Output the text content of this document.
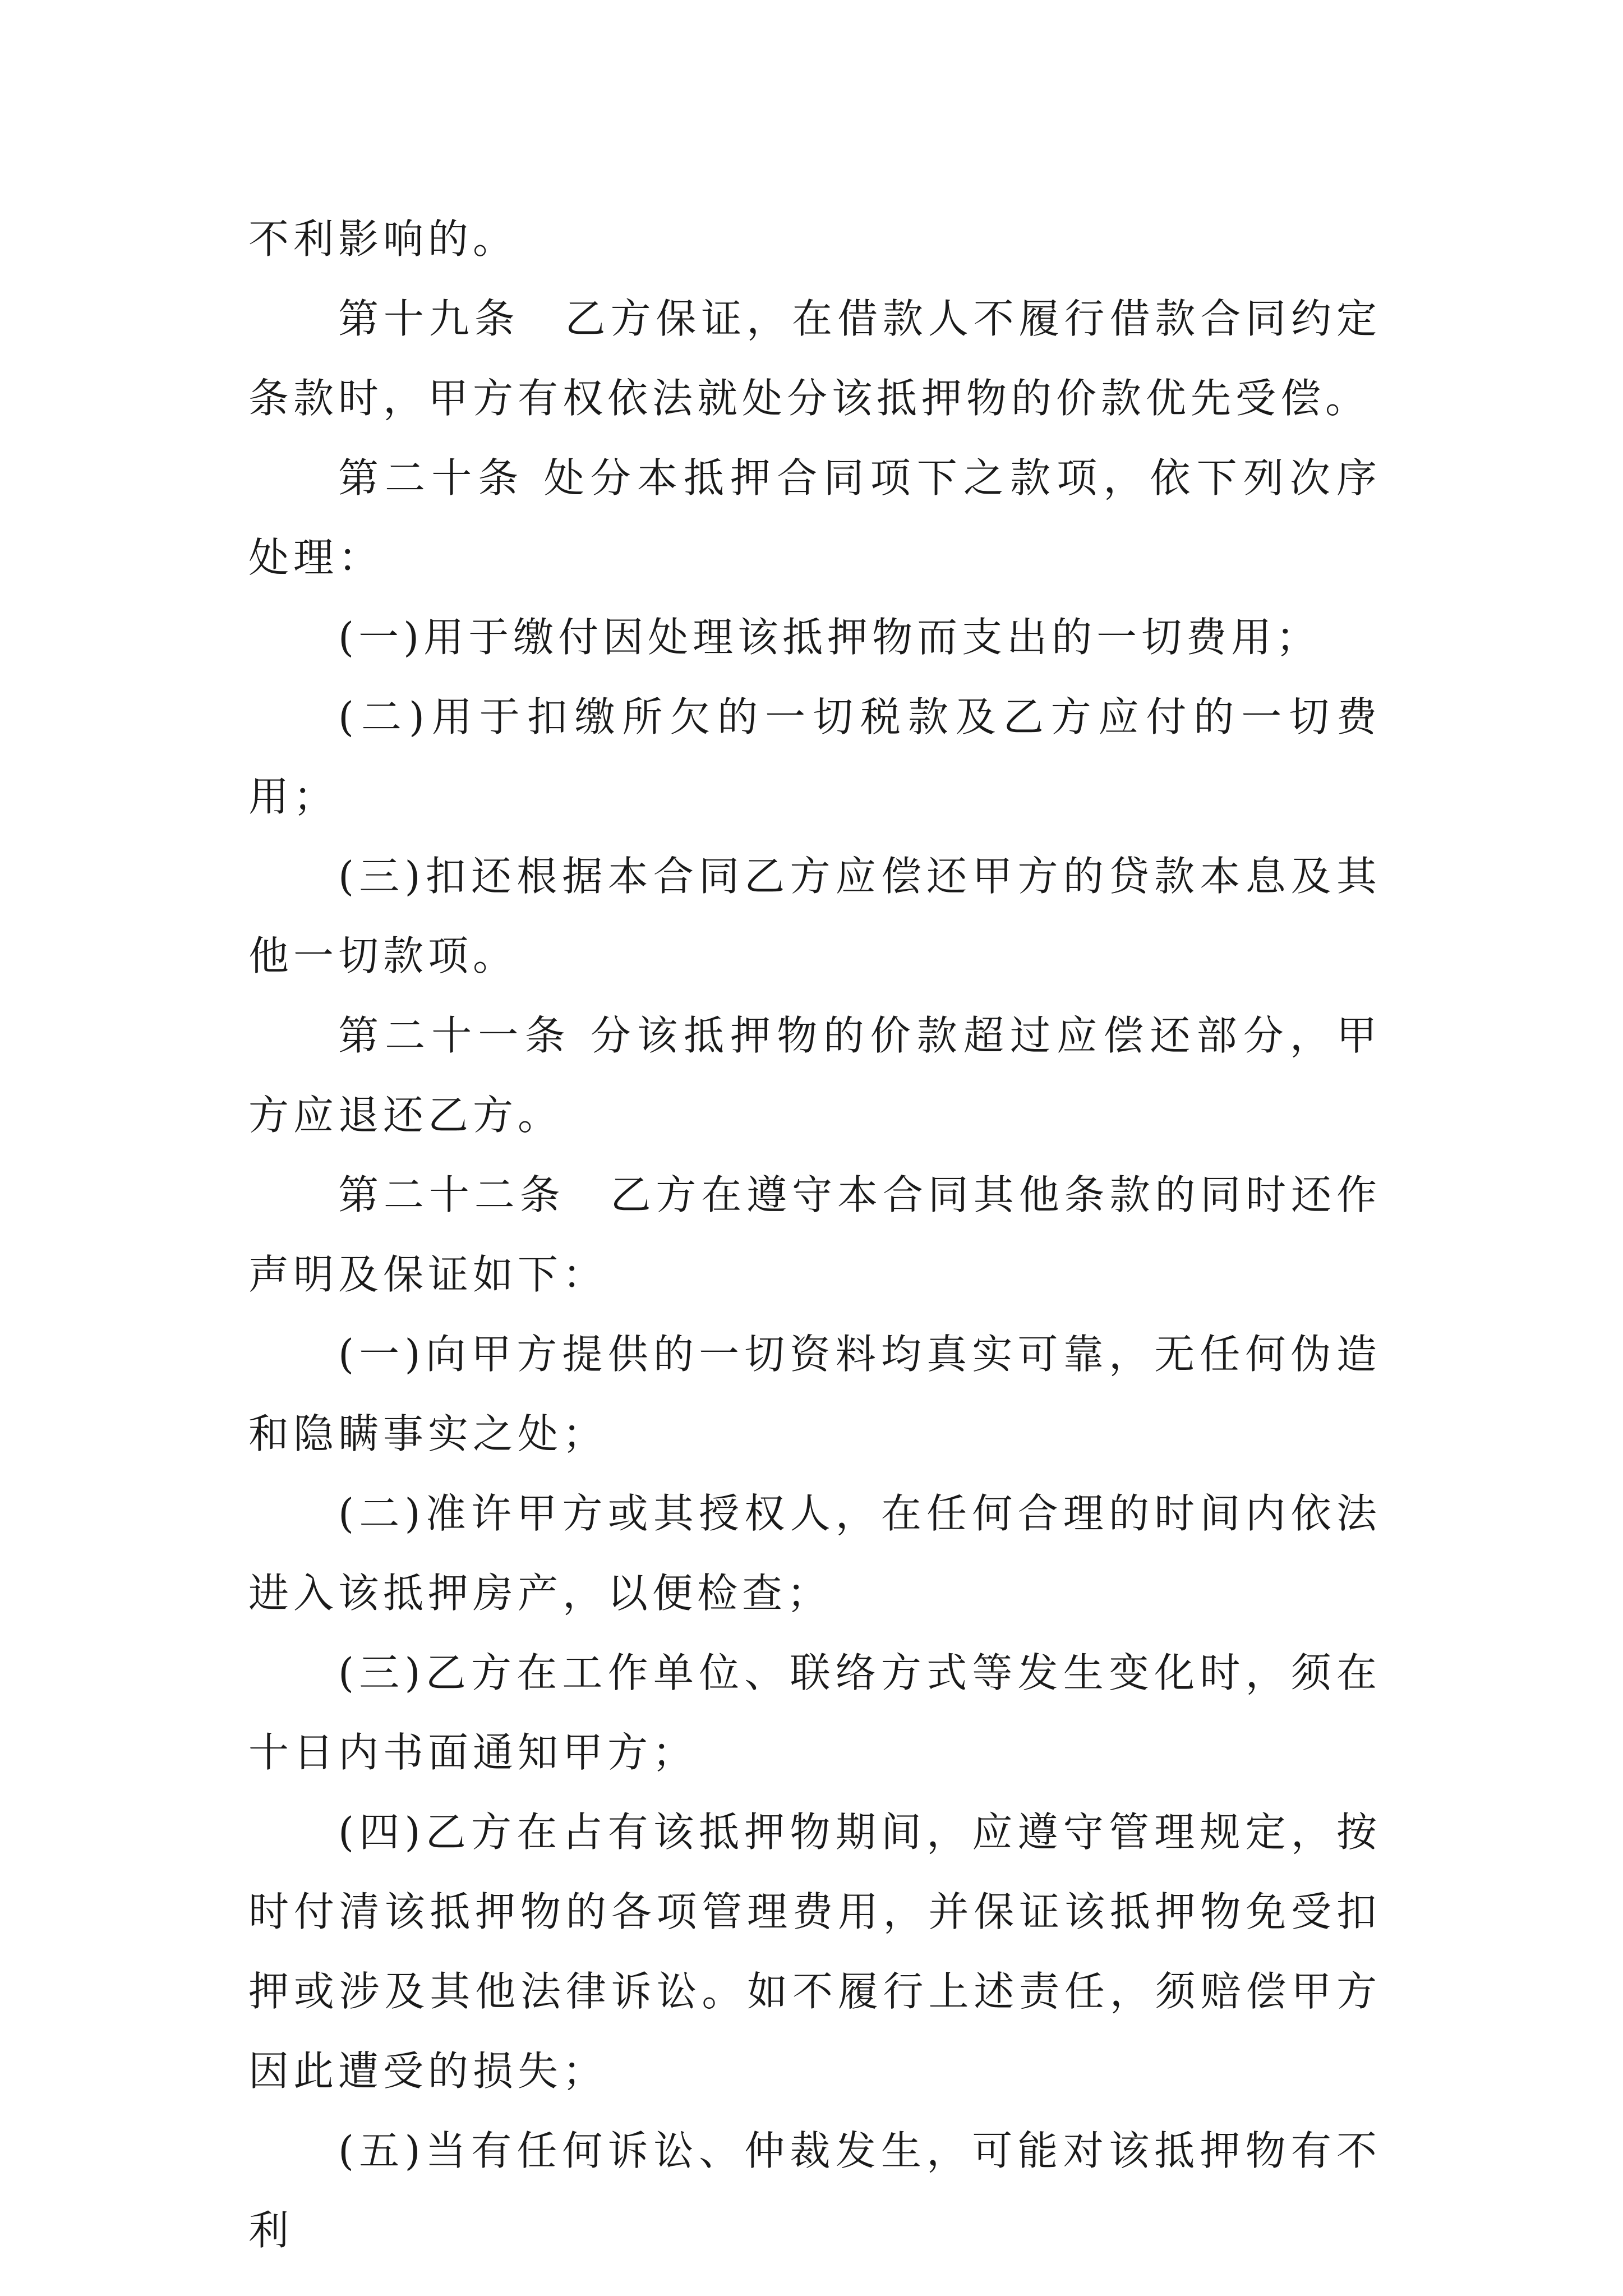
不利影响的。

第十九条　乙方保证，在借款人不履行借款合同约定条款时，甲方有权依法就处分该抵押物的价款优先受偿。

第二十条 处分本抵押合同项下之款项，依下列次序处理：

(一)用于缴付因处理该抵押物而支出的一切费用；

(二)用于扣缴所欠的一切税款及乙方应付的一切费用；

(三)扣还根据本合同乙方应偿还甲方的贷款本息及其他一切款项。

第二十一条 分该抵押物的价款超过应偿还部分，甲方应退还乙方。

第二十二条　乙方在遵守本合同其他条款的同时还作声明及保证如下：

(一)向甲方提供的一切资料均真实可靠，无任何伪造和隐瞒事实之处；

(二)准许甲方或其授权人，在任何合理的时间内依法进入该抵押房产，以便检查；

(三)乙方在工作单位、联络方式等发生变化时，须在十日内书面通知甲方；

(四)乙方在占有该抵押物期间，应遵守管理规定，按时付清该抵押物的各项管理费用，并保证该抵押物免受扣押或涉及其他法律诉讼。如不履行上述责任，须赔偿甲方因此遭受的损失；

(五)当有任何诉讼、仲裁发生，可能对该抵押物有不利
